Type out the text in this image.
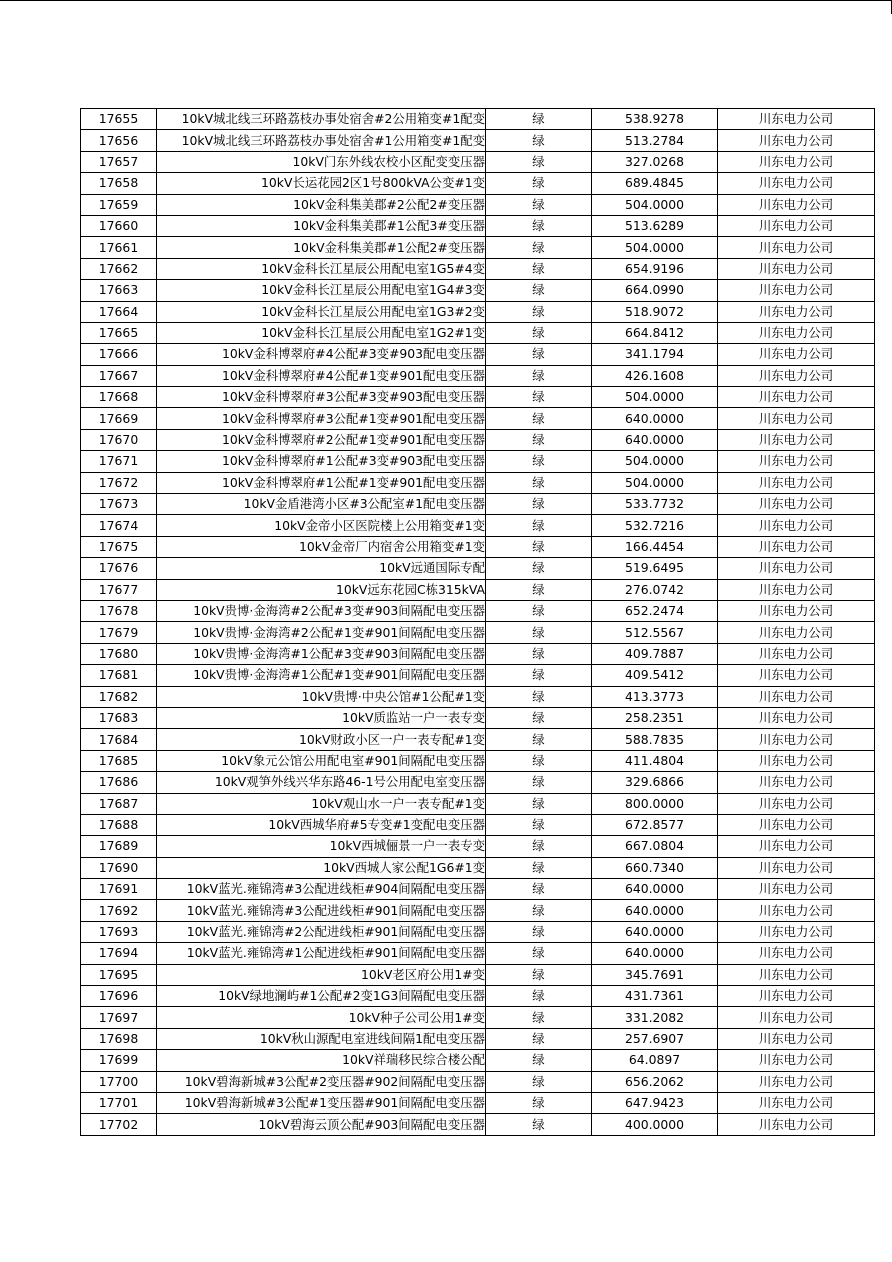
17655	10kV城北线三环路荔枝办事处宿舍#2公用箱变#1配变	绿	538.9278	川东电力公司
17656	10kV城北线三环路荔枝办事处宿舍#1公用箱变#1配变	绿	513.2784	川东电力公司
17657	10kV门东外线农校小区配变变压器	绿	327.0268	川东电力公司
17658	10kV长运花园2区1号800kVA公变#1变	绿	689.4845	川东电力公司
17659	10kV金科集美郡#2公配2#变压器	绿	504.0000	川东电力公司
17660	10kV金科集美郡#1公配3#变压器	绿	513.6289	川东电力公司
17661	10kV金科集美郡#1公配2#变压器	绿	504.0000	川东电力公司
17662	10kV金科长江星辰公用配电室1G5#4变	绿	654.9196	川东电力公司
17663	10kV金科长江星辰公用配电室1G4#3变	绿	664.0990	川东电力公司
17664	10kV金科长江星辰公用配电室1G3#2变	绿	518.9072	川东电力公司
17665	10kV金科长江星辰公用配电室1G2#1变	绿	664.8412	川东电力公司
17666	10kV金科博翠府#4公配#3变#903配电变压器	绿	341.1794	川东电力公司
17667	10kV金科博翠府#4公配#1变#901配电变压器	绿	426.1608	川东电力公司
17668	10kV金科博翠府#3公配#3变#903配电变压器	绿	504.0000	川东电力公司
17669	10kV金科博翠府#3公配#1变#901配电变压器	绿	640.0000	川东电力公司
17670	10kV金科博翠府#2公配#1变#901配电变压器	绿	640.0000	川东电力公司
17671	10kV金科博翠府#1公配#3变#903配电变压器	绿	504.0000	川东电力公司
17672	10kV金科博翠府#1公配#1变#901配电变压器	绿	504.0000	川东电力公司
17673	10kV金盾港湾小区#3公配室#1配电变压器	绿	533.7732	川东电力公司
17674	10kV金帝小区医院楼上公用箱变#1变	绿	532.7216	川东电力公司
17675	10kV金帝厂内宿舍公用箱变#1变	绿	166.4454	川东电力公司
17676	10kV远通国际专配	绿	519.6495	川东电力公司
17677	10kV远东花园C栋315kVA	绿	276.0742	川东电力公司
17678	10kV贵博·金海湾#2公配#3变#903间隔配电变压器	绿	652.2474	川东电力公司
17679	10kV贵博·金海湾#2公配#1变#901间隔配电变压器	绿	512.5567	川东电力公司
17680	10kV贵博·金海湾#1公配#3变#903间隔配电变压器	绿	409.7887	川东电力公司
17681	10kV贵博·金海湾#1公配#1变#901间隔配电变压器	绿	409.5412	川东电力公司
17682	10kV贵博·中央公馆#1公配#1变	绿	413.3773	川东电力公司
17683	10kV质监站一户一表专变	绿	258.2351	川东电力公司
17684	10kV财政小区一户一表专配#1变	绿	588.7835	川东电力公司
17685	10kV象元公馆公用配电室#901间隔配电变压器	绿	411.4804	川东电力公司
17686	10kV观笋外线兴华东路46-1号公用配电室变压器	绿	329.6866	川东电力公司
17687	10kV观山水一户一表专配#1变	绿	800.0000	川东电力公司
17688	10kV西城华府#5专变#1变配电变压器	绿	672.8577	川东电力公司
17689	10kV西城俪景一户一表专变	绿	667.0804	川东电力公司
17690	10kV西城人家公配1G6#1变	绿	660.7340	川东电力公司
17691	10kV蓝光.雍锦湾#3公配进线柜#904间隔配电变压器	绿	640.0000	川东电力公司
17692	10kV蓝光.雍锦湾#3公配进线柜#901间隔配电变压器	绿	640.0000	川东电力公司
17693	10kV蓝光.雍锦湾#2公配进线柜#901间隔配电变压器	绿	640.0000	川东电力公司
17694	10kV蓝光.雍锦湾#1公配进线柜#901间隔配电变压器	绿	640.0000	川东电力公司
17695	10kV老区府公用1#变	绿	345.7691	川东电力公司
17696	10kV绿地澜屿#1公配#2变1G3间隔配电变压器	绿	431.7361	川东电力公司
17697	10kV种子公司公用1#变	绿	331.2082	川东电力公司
17698	10kV秋山源配电室进线间隔1配电变压器	绿	257.6907	川东电力公司
17699	10kV祥瑞移民综合楼公配	绿	64.0897	川东电力公司
17700	10kV碧海新城#3公配#2变压器#902间隔配电变压器	绿	656.2062	川东电力公司
17701	10kV碧海新城#3公配#1变压器#901间隔配电变压器	绿	647.9423	川东电力公司
17702	10kV碧海云顶公配#903间隔配电变压器	绿	400.0000	川东电力公司
